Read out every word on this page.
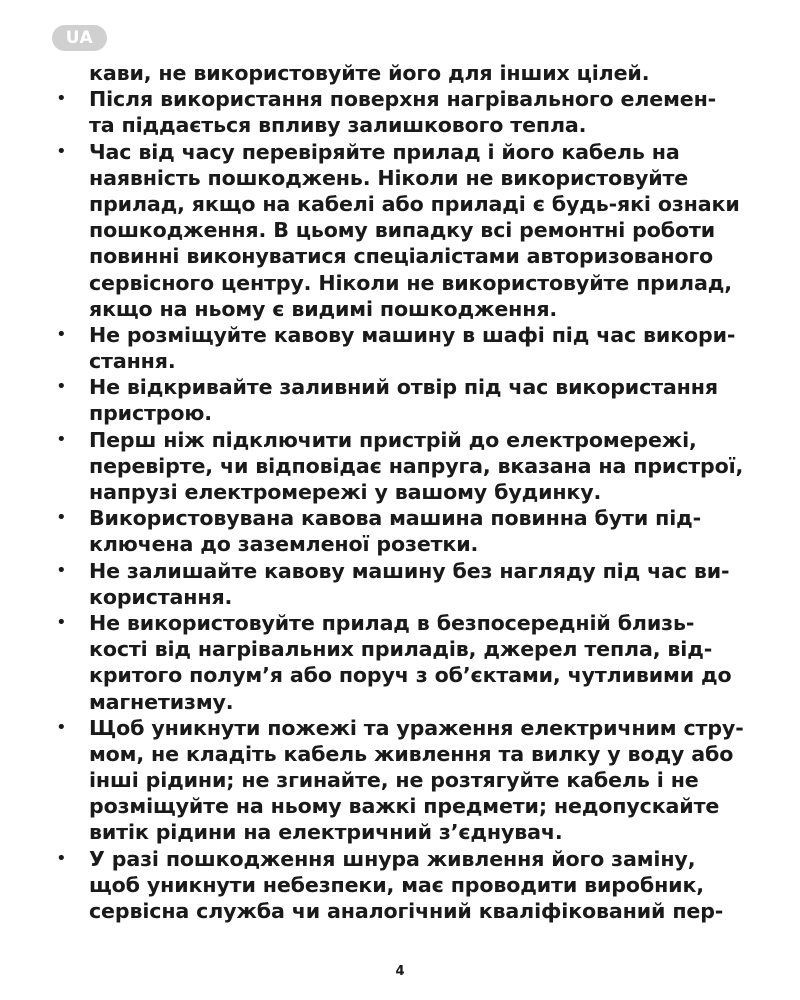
UA
кави, не використовуйте його для інших цілей.
• Після використання поверхня нагрівального елемен-
та піддається впливу залишкового тепла.
• Час від часу перевіряйте прилад і його кабель на
наявність пошкоджень. Ніколи не використовуйте
прилад, якщо на кабелі або приладі є будь-які ознаки
пошкодження. В цьому випадку всі ремонтні роботи
повинні виконуватися спеціалістами авторизованого
сервісного центру. Ніколи не використовуйте прилад,
якщо на ньому є видимі пошкодження.
• Не розміщуйте кавову машину в шафі під час викори-
стання.
• Не відкривайте заливний отвір під час використання
пристрою.
• Перш ніж підключити пристрій до електромережі,
перевірте, чи відповідає напруга, вказана на пристрої,
напрузі електромережі у вашому будинку.
• Використовувана кавова машина повинна бути під-
ключена до заземленої розетки.
• Не залишайте кавову машину без нагляду під час ви-
користання.
• Не використовуйте прилад в безпосередній близь-
кості від нагрівальних приладів, джерел тепла, від-
критого полум’я або поруч з об’єктами, чутливими до
магнетизму.
• Щоб уникнути пожежі та ураження електричним стру-
мом, не кладіть кабель живлення та вилку у воду або
інші рідини; не згинайте, не розтягуйте кабель і не
розміщуйте на ньому важкі предмети; недопускайте
витік рідини на електричний з’єднувач.
• У разі пошкодження шнура живлення його заміну,
щоб уникнути небезпеки, має проводити виробник,
сервісна служба чи аналогічний кваліфікований пер-
4
